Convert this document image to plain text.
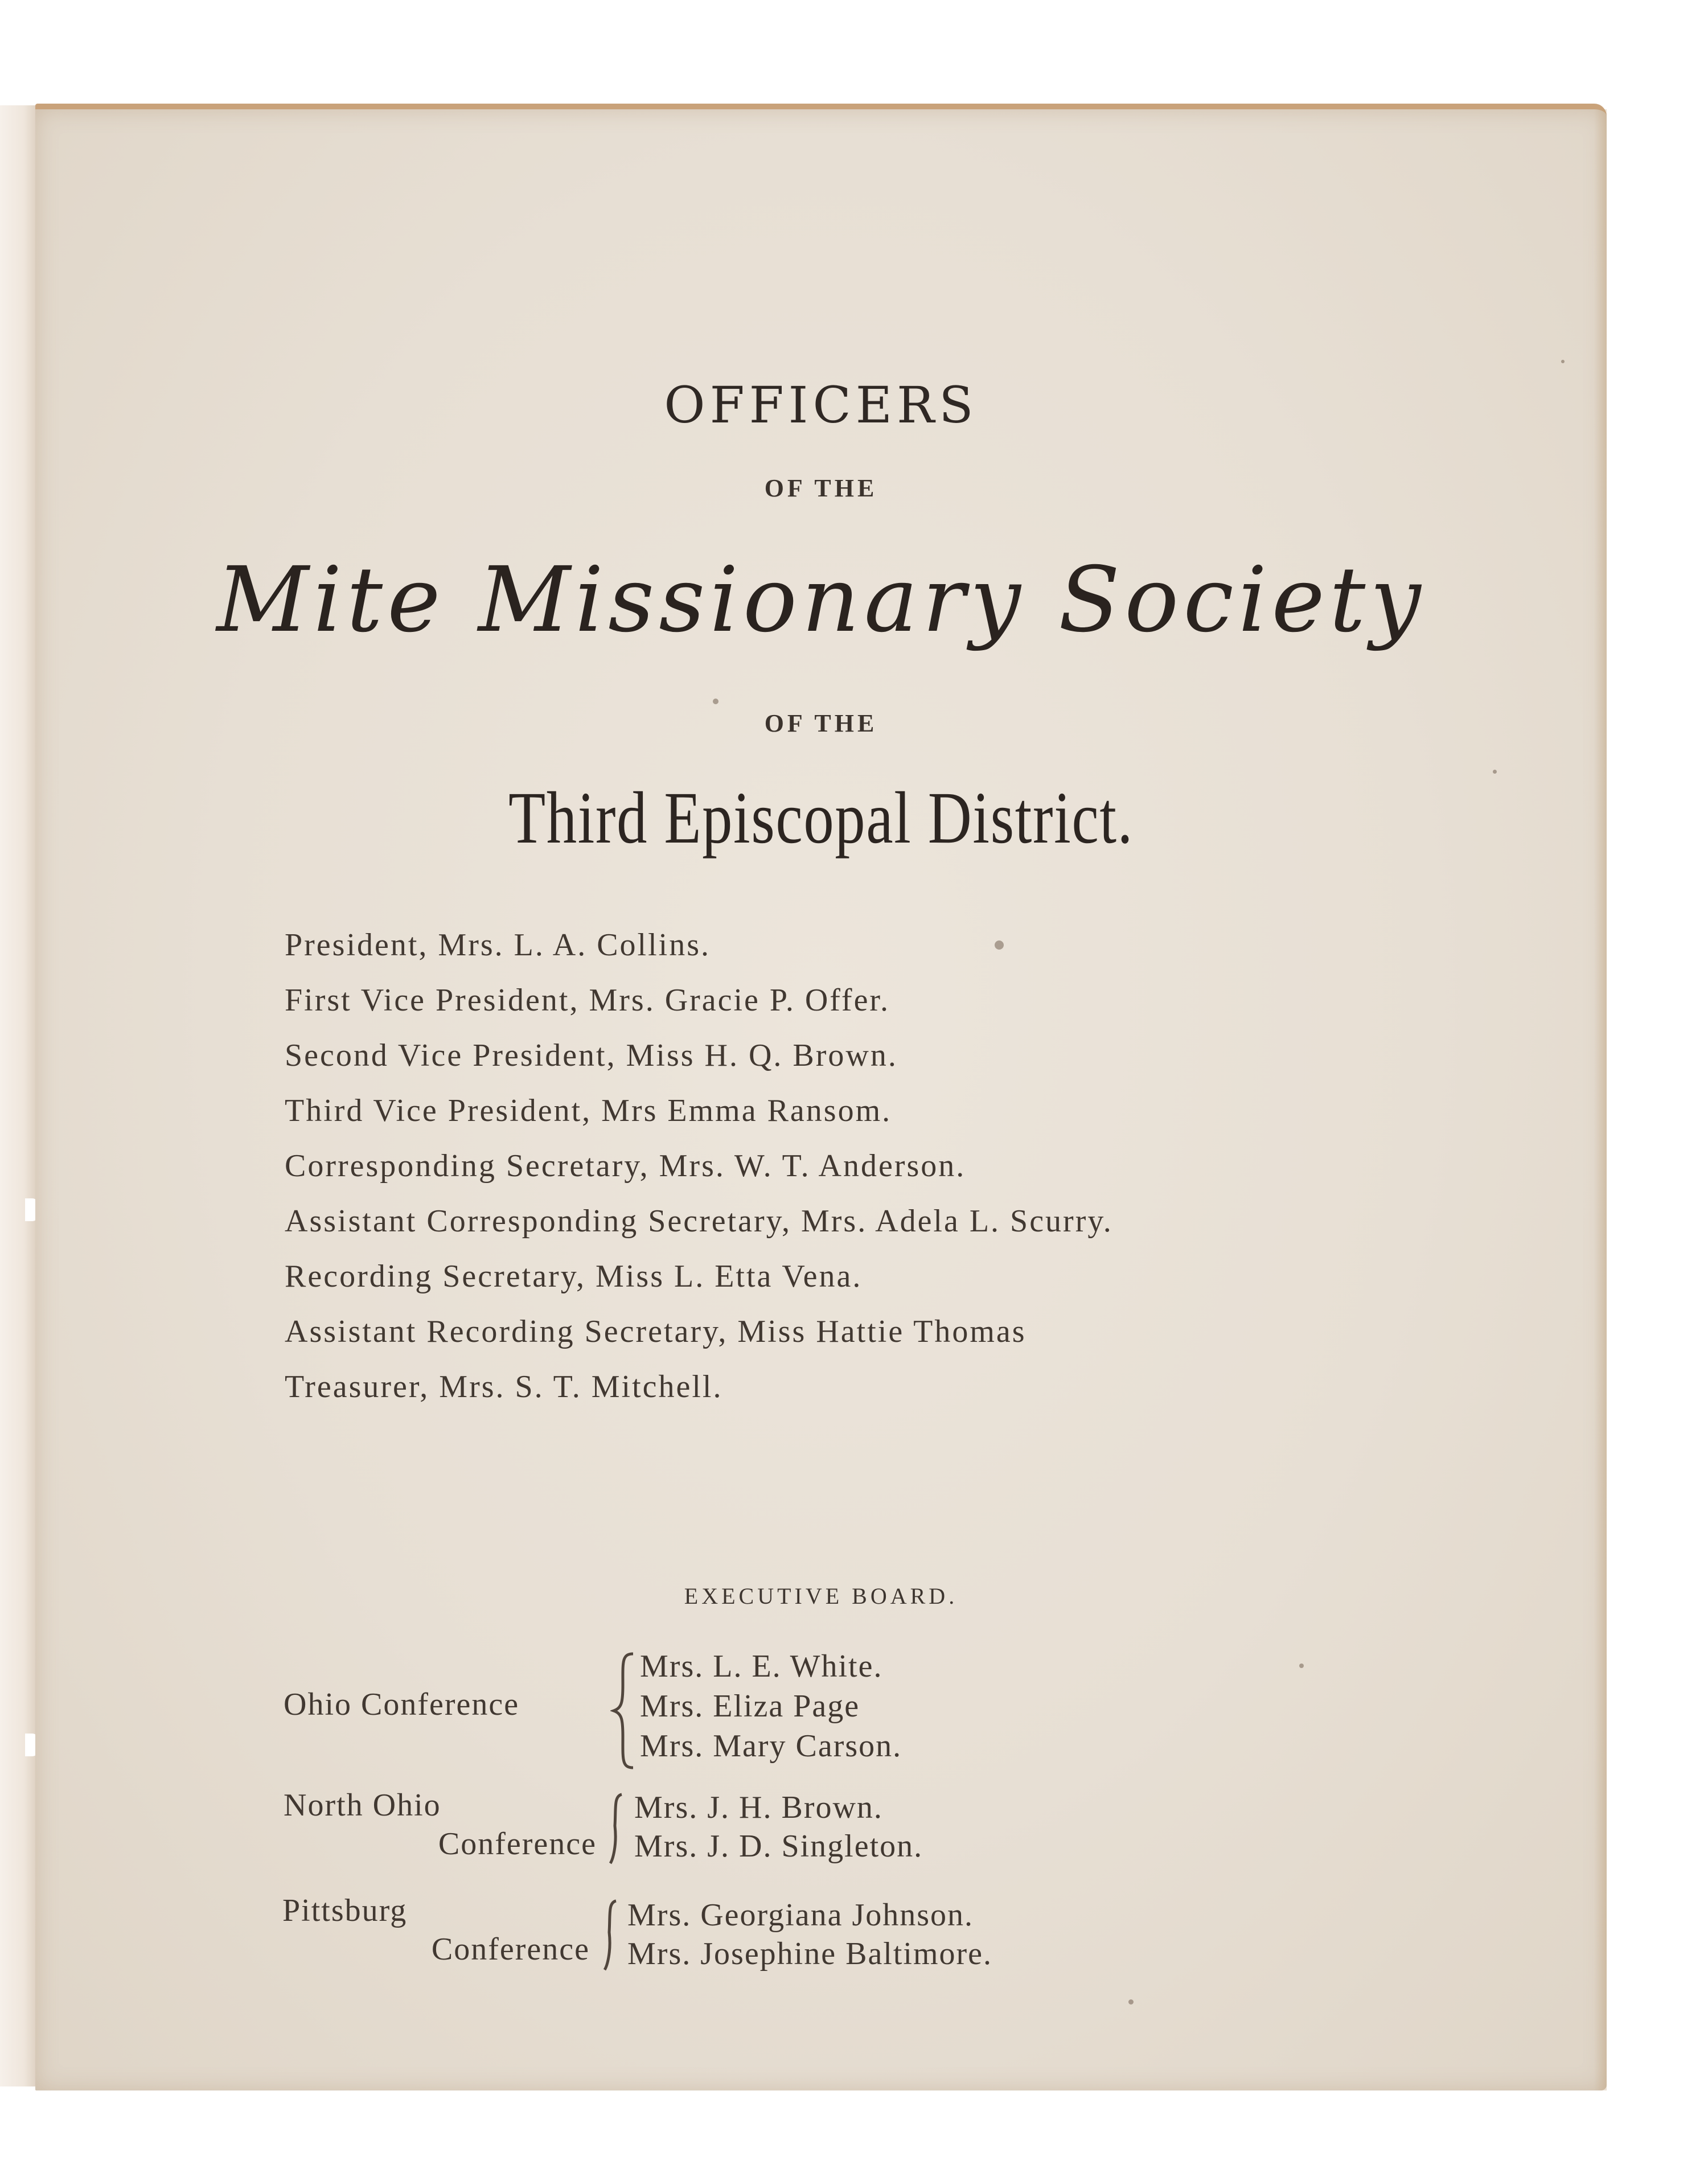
OFFICERS
OF THE
Mite Missionary Society
OF THE
Third Episcopal District.
President, Mrs. L. A. Collins.
First Vice President, Mrs. Gracie P. Offer.
Second Vice President, Miss H. Q. Brown.
Third Vice President, Mrs Emma Ransom.
Corresponding Secretary, Mrs. W. T. Anderson.
Assistant Corresponding Secretary, Mrs. Adela L. Scurry.
Recording Secretary, Miss L. Etta Vena.
Assistant Recording Secretary, Miss Hattie Thomas
Treasurer, Mrs. S. T. Mitchell.
EXECUTIVE BOARD.
Ohio Conference
Mrs. L. E. White.
Mrs. Eliza Page
Mrs. Mary Carson.
North Ohio
Conference
Mrs. J. H. Brown.
Mrs. J. D. Singleton.
Pittsburg
Conference
Mrs. Georgiana Johnson.
Mrs. Josephine Baltimore.
